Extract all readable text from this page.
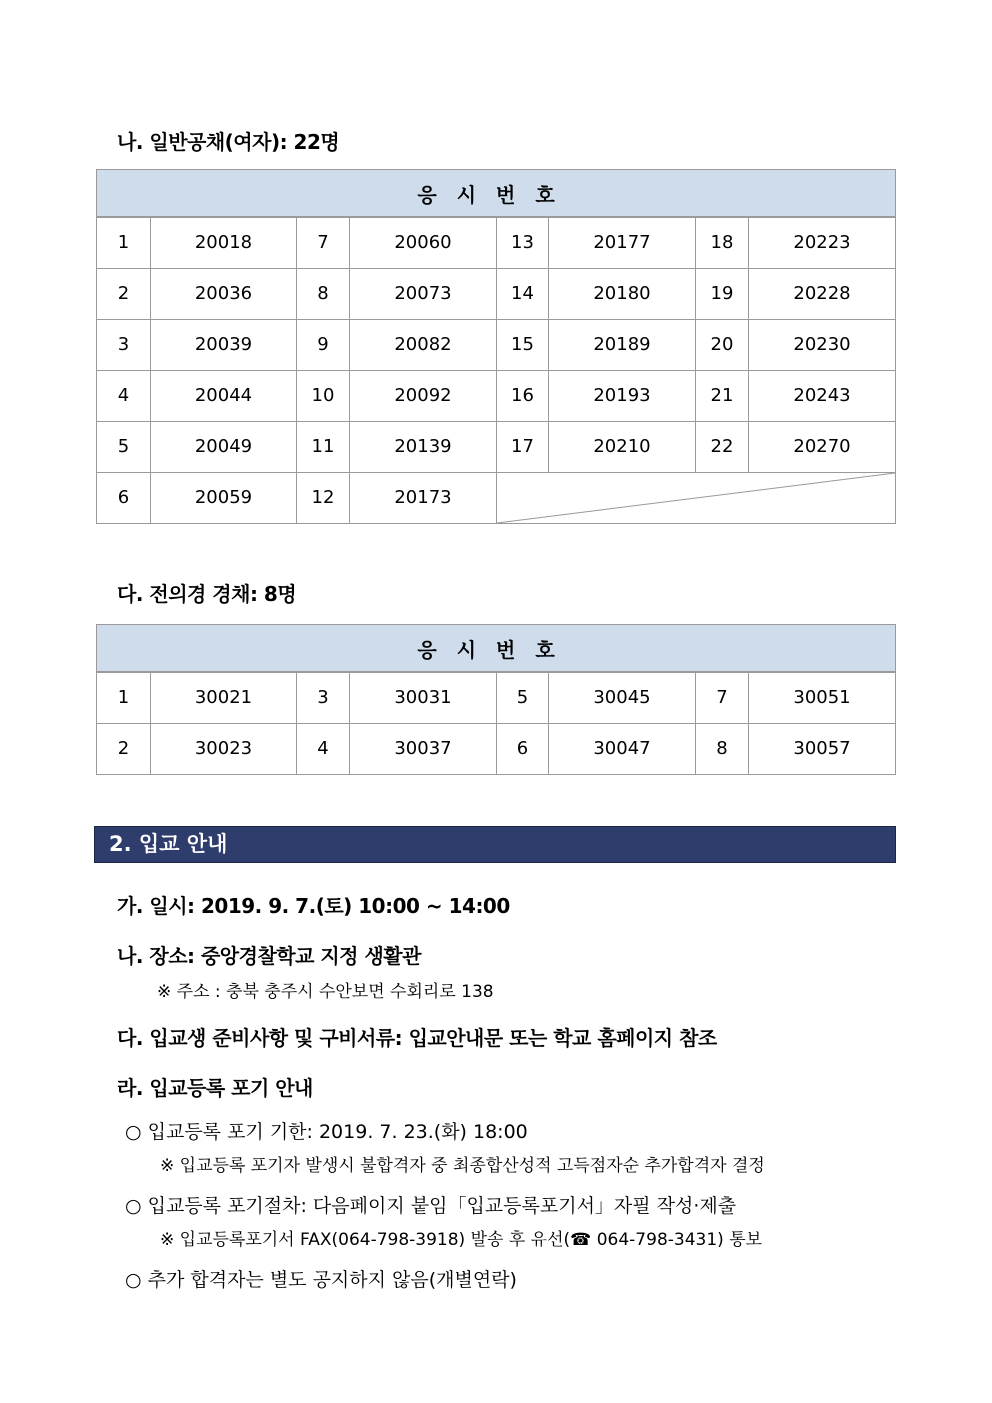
나. 일반공채(여자): 22명
응시번호							
1	20018	7	20060	13	20177	18	20223
2	20036	8	20073	14	20180	19	20228
3	20039	9	20082	15	20189	20	20230
4	20044	10	20092	16	20193	21	20243
5	20049	11	20139	17	20210	22	20270
6	20059	12	20173	
다. 전의경 경채: 8명
응시번호							
1	30021	3	30031	5	30045	7	30051
2	30023	4	30037	6	30047	8	30057
2. 입교 안내
가. 일시: 2019. 9. 7.(토) 10:00 ~ 14:00
나. 장소: 중앙경찰학교 지정 생활관
※ 주소 : 충북 충주시 수안보면 수회리로 138
다. 입교생 준비사항 및 구비서류: 입교안내문 또는 학교 홈페이지 참조
라. 입교등록 포기 안내
○ 입교등록 포기 기한: 2019. 7. 23.(화) 18:00
※ 입교등록 포기자 발생시 불합격자 중 최종합산성적 고득점자순 추가합격자 결정
○ 입교등록 포기절차: 다음페이지 붙임「입교등록포기서」자필 작성·제출
※ 입교등록포기서 FAX(064-798-3918) 발송 후 유선(☎ 064-798-3431) 통보
○ 추가 합격자는 별도 공지하지 않음(개별연락)
